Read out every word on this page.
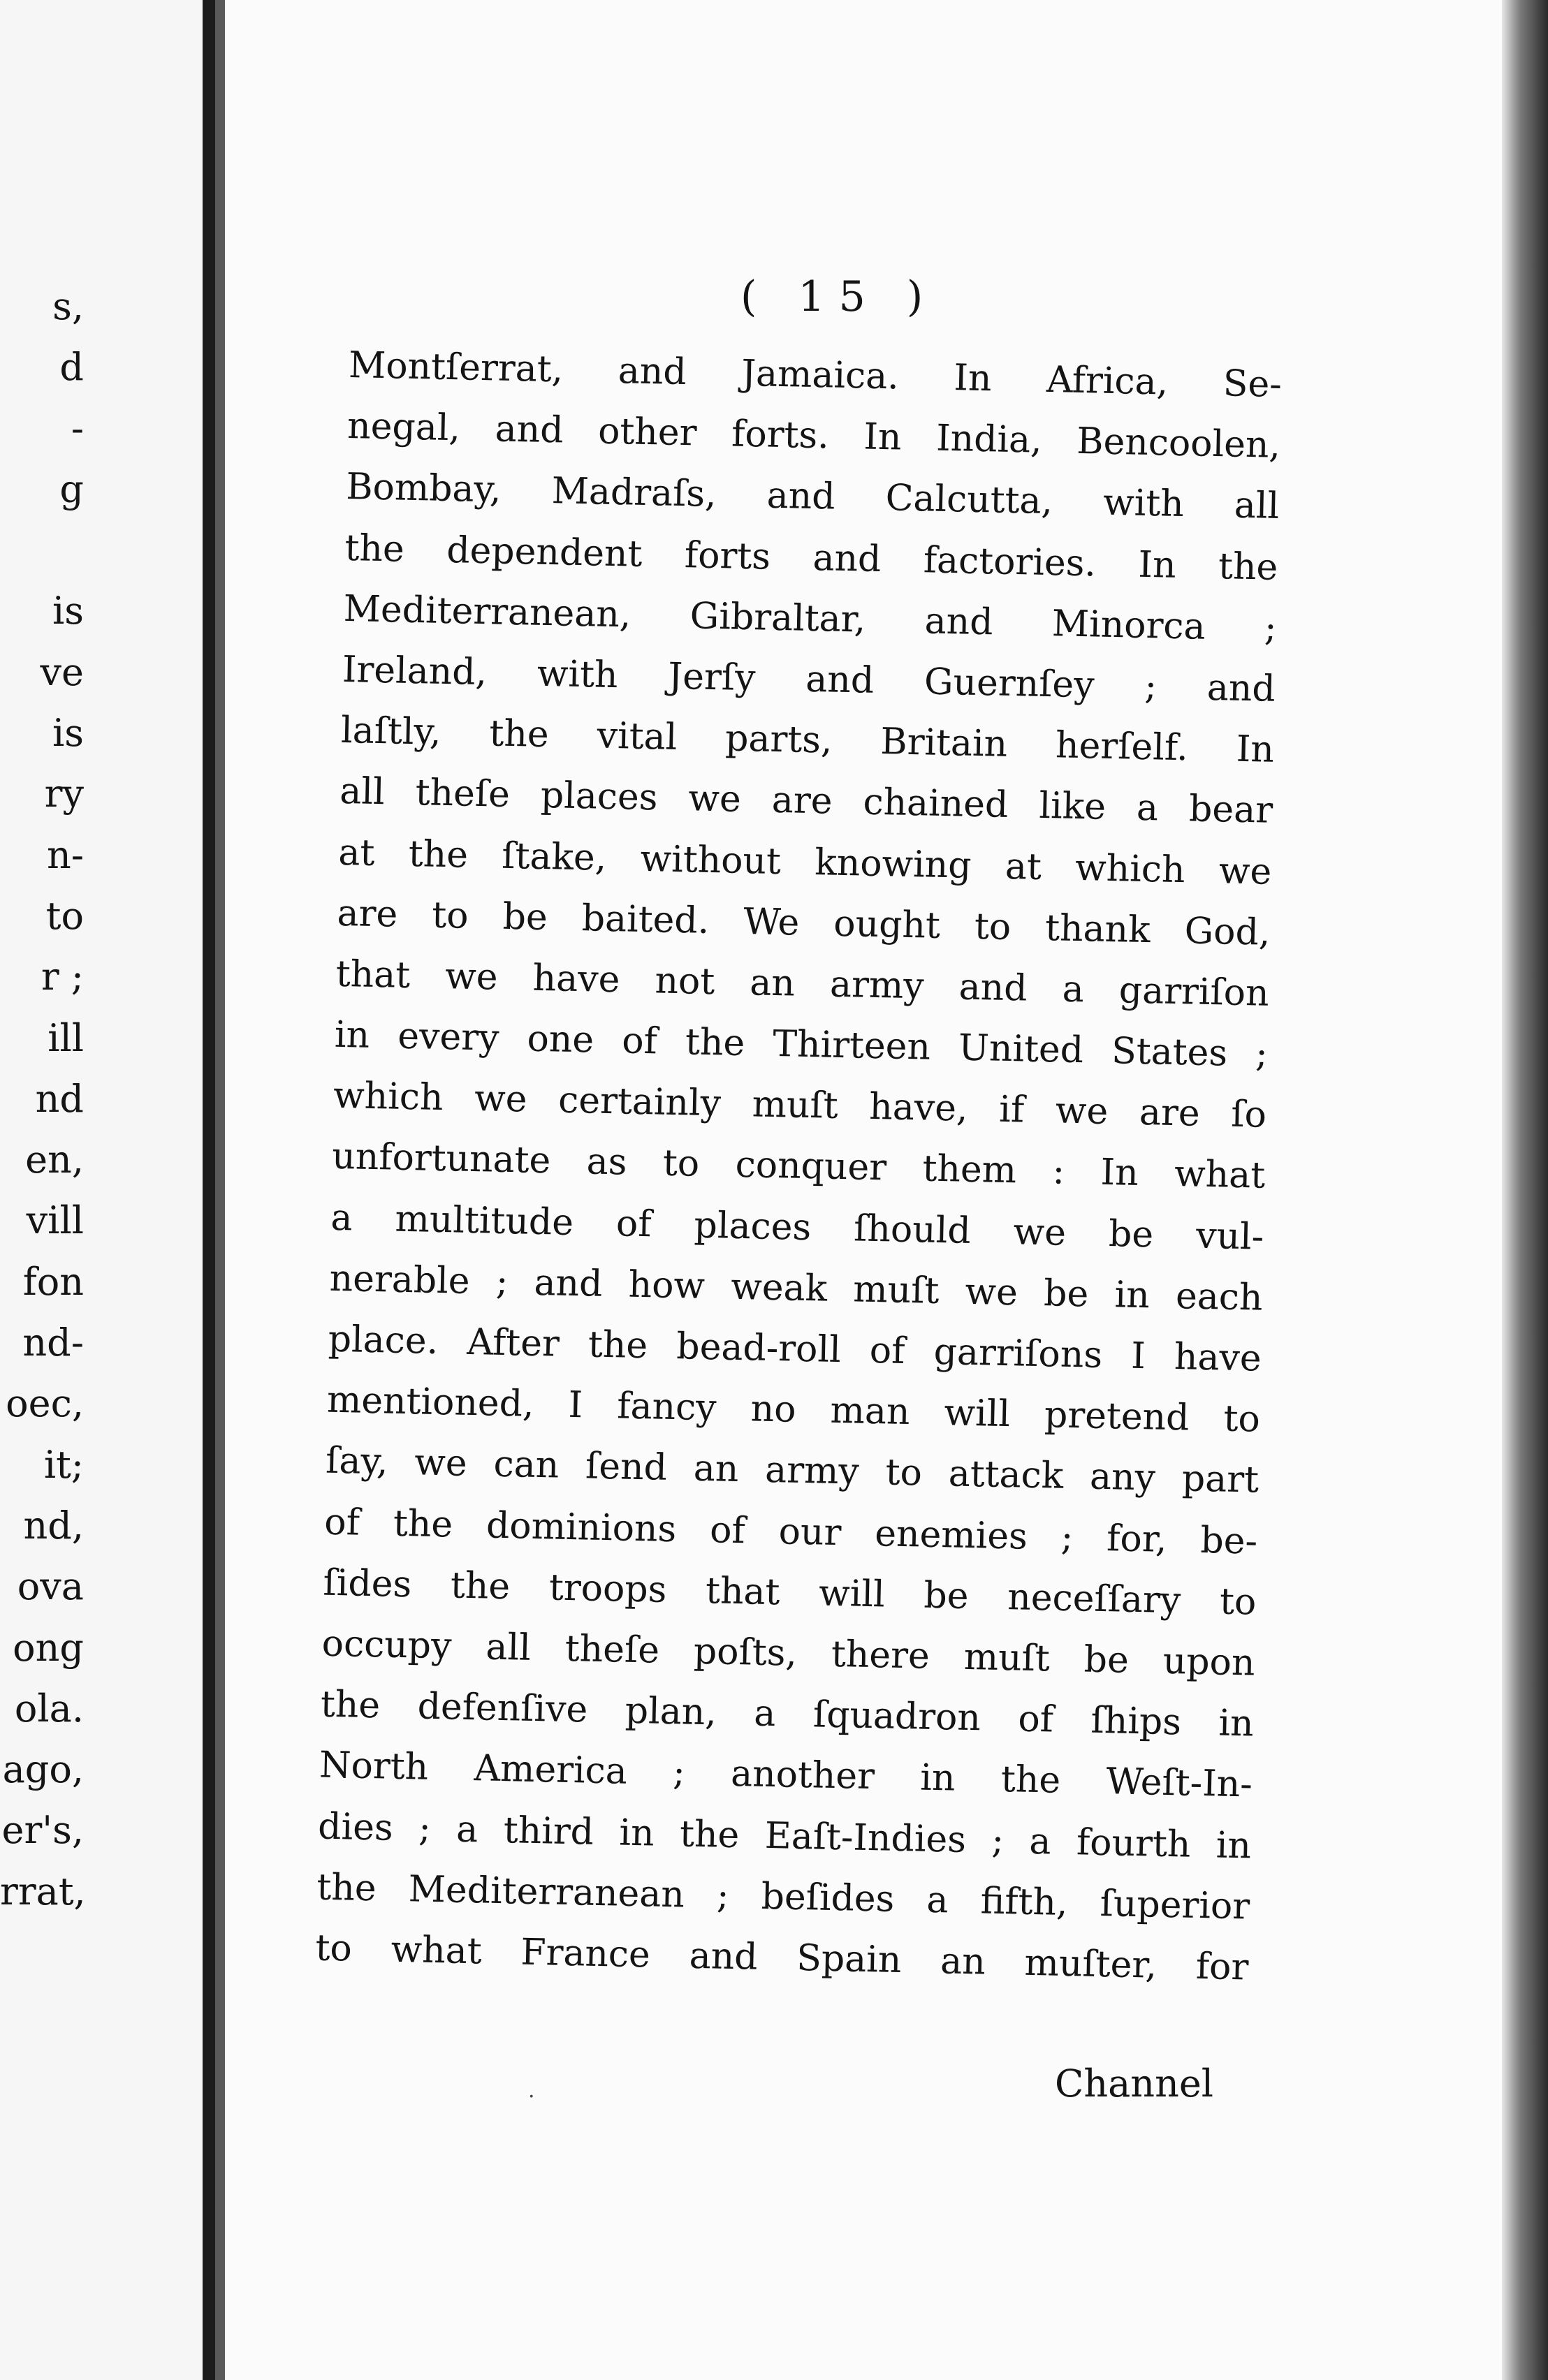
s,
d
-
g
is
ve
is
ry
n-
to
r ;
ill
nd
en,
vill
fon
nd-
oec,
it;
nd,
ova
ong
ola.
ago,
er's,
rrat,
( 15 )
Montſerrat, and Jamaica. In Africa, Se-
negal, and other forts. In India, Bencoolen,
Bombay, Madraſs, and Calcutta, with all
the dependent forts and factories. In the
Mediterranean, Gibraltar, and Minorca ;
Ireland, with Jerſy and Guernſey ; and
laſtly, the vital parts, Britain herſelf. In
all theſe places we are chained like a bear
at the ſtake, without knowing at which we
are to be baited. We ought to thank God,
that we have not an army and a garriſon
in every one of the Thirteen United States ;
which we certainly muſt have, if we are ſo
unfortunate as to conquer them : In what
a multitude of places ſhould we be vul-
nerable ; and how weak muſt we be in each
place. After the bead-roll of garriſons I have
mentioned, I fancy no man will pretend to
ſay, we can ſend an army to attack any part
of the dominions of our enemies ; for, be-
ſides the troops that will be neceſſary to
occupy all theſe poſts, there muſt be upon
the defenſive plan, a ſquadron of ſhips in
North America ; another in the Weſt-In-
dies ; a third in the Eaſt-Indies ; a fourth in
the Mediterranean ; beſides a fifth, ſuperior
to what France and Spain an muſter, for
·	Channel
